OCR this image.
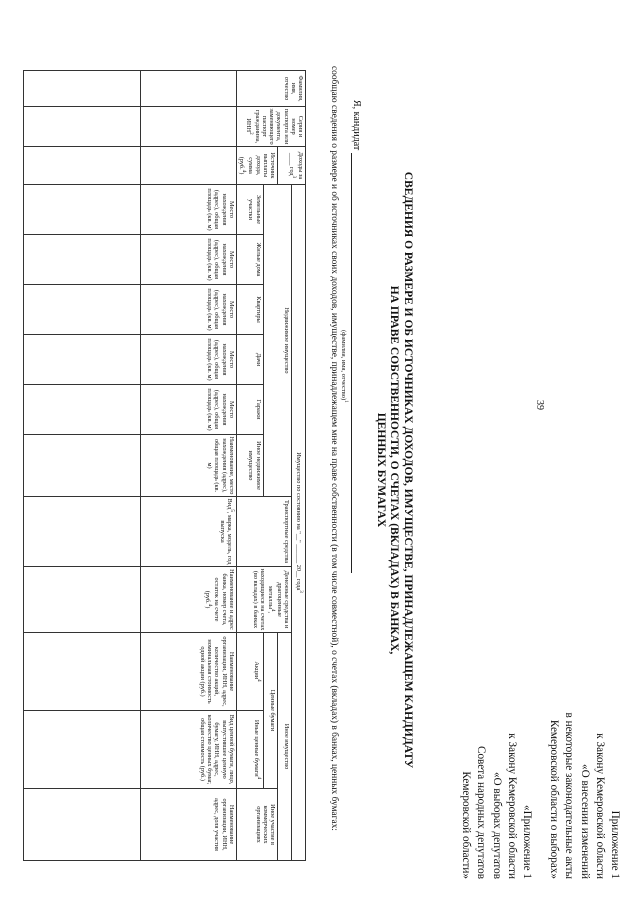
39
Приложение 1
к Закону Кемеровской области
«О внесении изменений
в некоторые законодательные акты
Кемеровской области о выборах»
«Приложение 1
к Закону Кемеровской области
«О выборах депутатов
Совета народных депутатов
Кемеровской области»
СВЕДЕНИЯ О РАЗМЕРЕ И ОБ ИСТОЧНИКАХ ДОХОДОВ, ИМУЩЕСТВЕ, ПРИНАДЛЕЖАЩЕМ КАНДИДАТУ
НА ПРАВЕ СОБСТВЕННОСТИ, О СЧЕТАХ (ВКЛАДАХ) В БАНКАХ,
ЦЕННЫХ БУМАГАХ
Я, кандидат
(фамилия, имя, отчество)$^1$
сообщаю сведения о размере и об источниках своих доходов, имуществе, принадлежащем мне на праве собственности (в том числе совместной), о счетах (вкладах) в банках, ценных бумагах:
Фамилия, имя, отчество	Серия и номер паспорта или документа, заменяющего паспорт гражданина, ИНН$^2$	Доходы за ____ год$^3$	Имущество по состоянию на "__" ______ 20__ года$^3$
			Недвижимое имущество						Транспортные средства	Денежные средства и драгоценные металлы$^4$, находящиеся на счетах (во вкладах) в банках	Иное имущество		
		Источник выплаты дохода, сумма (руб.$^4$)									Ценные бумаги		Иное участие в коммерческих организациях
			Земельные участки	Жилые дома	Квартиры	Дачи	Гаражи	Иное недвижимое имущество			Акции$^4$	Иные ценные бумаги$^4$
			Место нахождения (адрес), общая площадь (кв. м)	Место нахождения (адрес), общая площадь (кв. м)	Место нахождения (адрес), общая площадь (кв. м)	Место нахождения (адрес), общая площадь (кв. м)	Место нахождения (адрес), общая площадь (кв. м)	Наименование, место нахождения (адрес), общая площадь (кв. м)	Вид$^5$, марка, модель, год выпуска	Наименование и адрес банка, номер счета, остаток на счете (руб.$^4$)	Наименование организации, ИНН, адрес, количество акций, номинальная стоимость одной акции (руб.)	Вид ценной бумаги, лицо, выпустившее ценную бумагу, ИНН, адрес, количество ценных бумаг, общая стоимость (руб.)	Наименование организации, ИНН, адрес, доля участия
